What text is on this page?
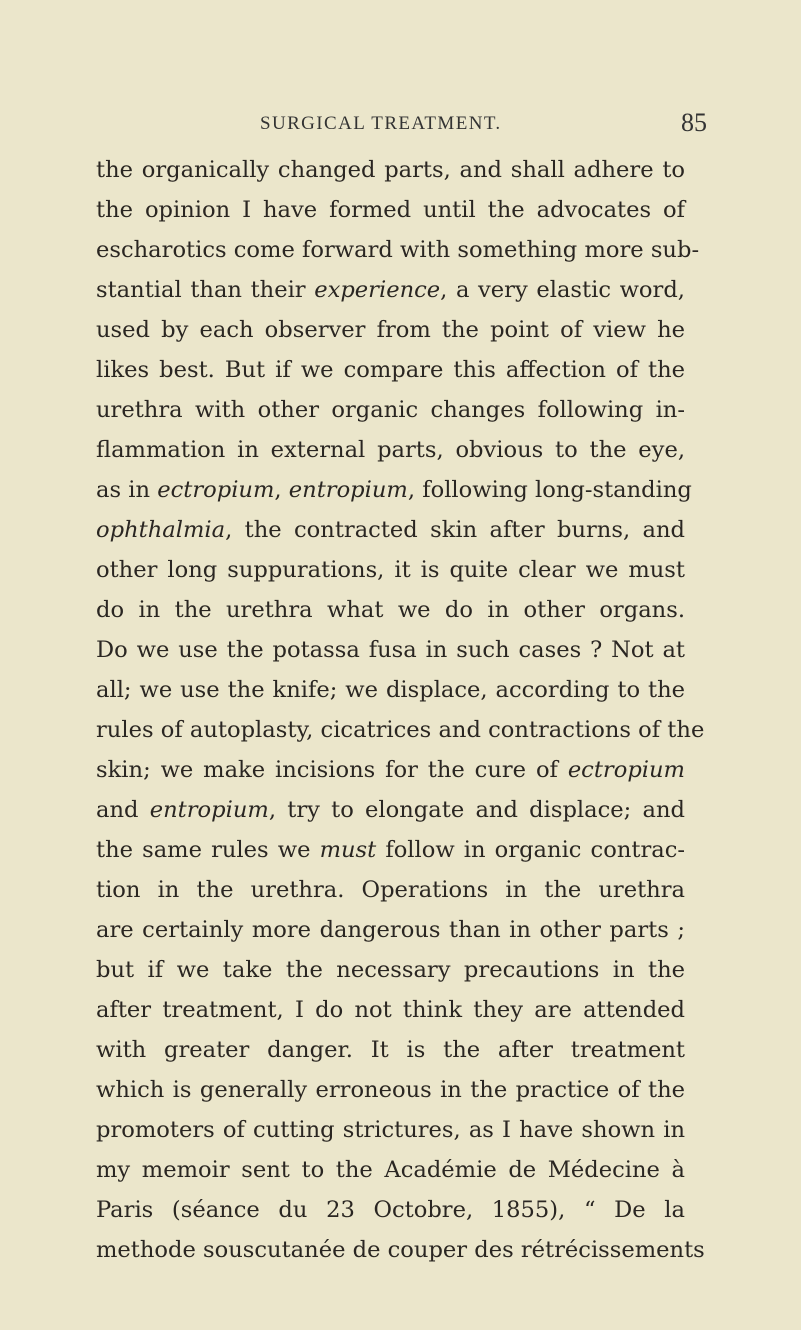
SURGICAL TREATMENT.	85
the organically changed parts, and shall adhere to
the opinion I have formed until the advocates of
escharotics come forward with something more sub-
stantial than their experience, a very elastic word,
used by each observer from the point of view he
likes best. But if we compare this affection of the
urethra with other organic changes following in-
flammation in external parts, obvious to the eye,
as in ectropium, entropium, following long-standing
ophthalmia, the contracted skin after burns, and
other long suppurations, it is quite clear we must
do in the urethra what we do in other organs.
Do we use the potassa fusa in such cases ? Not at
all; we use the knife; we displace, according to the
rules of autoplasty, cicatrices and contractions of the
skin; we make incisions for the cure of ectropium
and entropium, try to elongate and displace; and
the same rules we must follow in organic contrac-
tion in the urethra. Operations in the urethra
are certainly more dangerous than in other parts ;
but if we take the necessary precautions in the
after treatment, I do not think they are attended
with greater danger. It is the after treatment
which is generally erroneous in the practice of the
promoters of cutting strictures, as I have shown in
my memoir sent to the Académie de Médecine à
Paris (séance du 23 Octobre, 1855), “ De la
methode souscutanée de couper des rétrécissements
